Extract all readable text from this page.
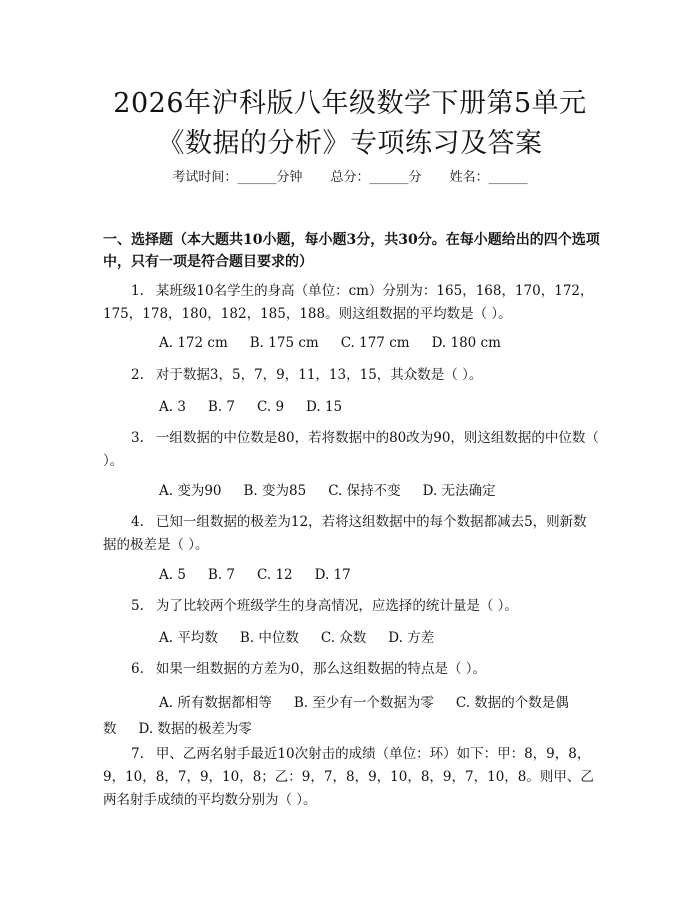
2026年沪科版八年级数学下册第5单元《数据的分析》专项练习及答案
考试时间：______分钟 总分：______分 姓名：______

一、选择题（本大题共10小题，每小题3分，共30分。在每小题给出的四个选项中，只有一项是符合题目要求的）

1. 某班级10名学生的身高（单位：cm）分别为：165，168，170，172，175，178，180，182，185，188。则这组数据的平均数是（ ）。

A. 172 cm B. 175 cm C. 177 cm D. 180 cm

2. 对于数据3，5，7，9，11，13，15，其众数是（ ）。

A. 3 B. 7 C. 9 D. 15

3. 一组数据的中位数是80，若将数据中的80改为90，则这组数据的中位数（ ）。

A. 变为90 B. 变为85 C. 保持不变 D. 无法确定

4. 已知一组数据的极差为12，若将这组数据中的每个数据都减去5，则新数据的极差是（ ）。

A. 5 B. 7 C. 12 D. 17

5. 为了比较两个班级学生的身高情况，应选择的统计量是（ ）。

A. 平均数 B. 中位数 C. 众数 D. 方差

6. 如果一组数据的方差为0，那么这组数据的特点是（ ）。

A. 所有数据都相等 B. 至少有一个数据为零 C. 数据的个数是偶数 D. 数据的极差为零

7. 甲、乙两名射手最近10次射击的成绩（单位：环）如下：甲：8，9，8，9，10，8，7，9，10，8；乙：9，7，8，9，10，8，9，7，10，8。则甲、乙两名射手成绩的平均数分别为（ ）。
